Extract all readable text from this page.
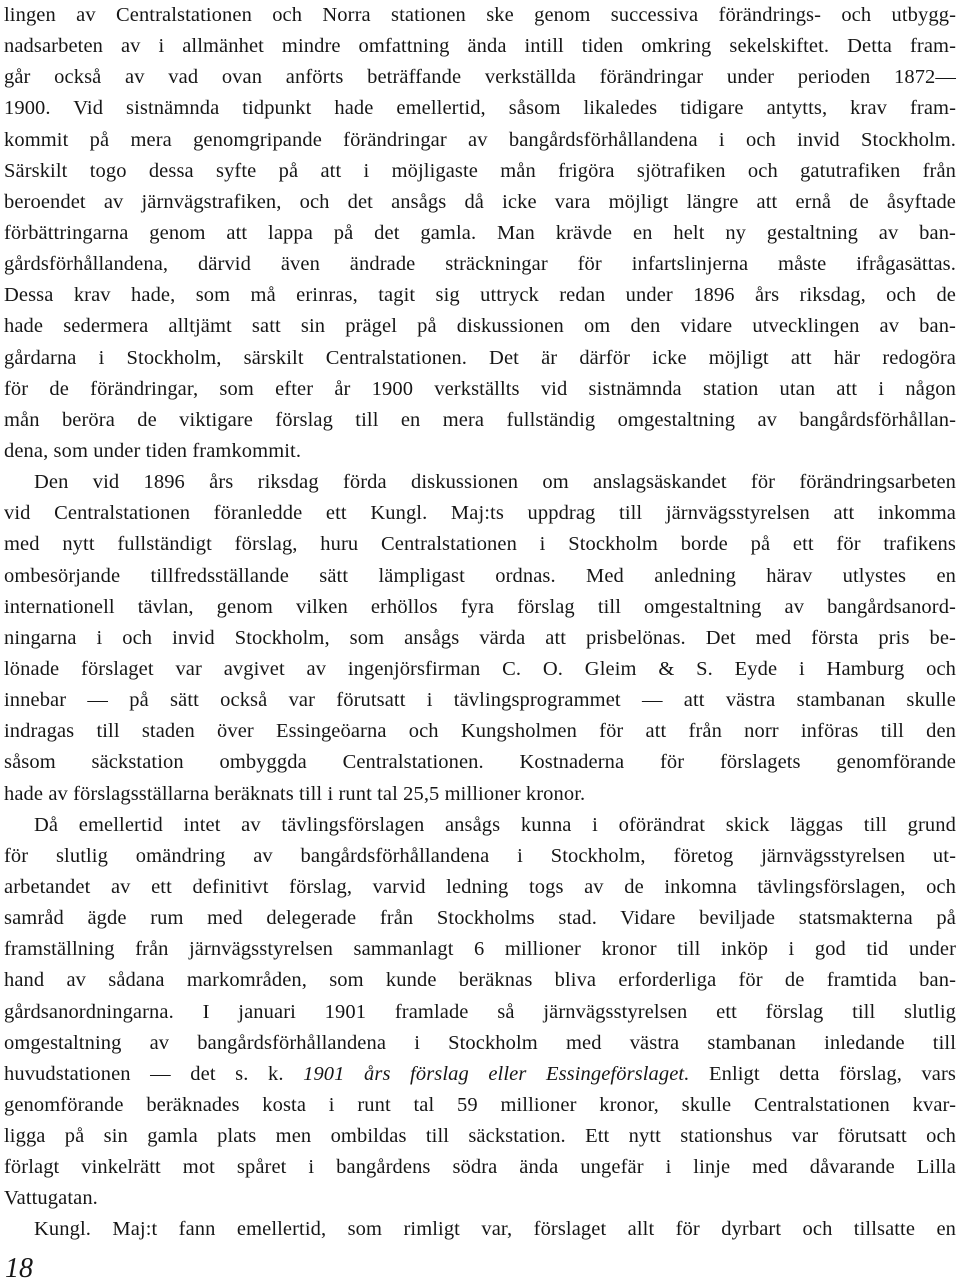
lingen av Centralstationen och Norra stationen ske genom successiva förändrings- och utbygg-
nadsarbeten av i allmänhet mindre omfattning ända intill tiden omkring sekelskiftet. Detta fram-
går också av vad ovan anförts beträffande verkställda förändringar under perioden 1872—
1900. Vid sistnämnda tidpunkt hade emellertid, såsom likaledes tidigare antytts, krav fram-
kommit på mera genomgripande förändringar av bangårdsförhållandena i och invid Stockholm.
Särskilt togo dessa syfte på att i möjligaste mån frigöra sjötrafiken och gatutrafiken från
beroendet av järnvägstrafiken, och det ansågs då icke vara möjligt längre att ernå de åsyftade
förbättringarna genom att lappa på det gamla. Man krävde en helt ny gestaltning av ban-
gårdsförhållandena, därvid även ändrade sträckningar för infartslinjerna måste ifrågasättas.
Dessa krav hade, som må erinras, tagit sig uttryck redan under 1896 års riksdag, och de
hade sedermera alltjämt satt sin prägel på diskussionen om den vidare utvecklingen av ban-
gårdarna i Stockholm, särskilt Centralstationen. Det är därför icke möjligt att här redogöra
för de förändringar, som efter år 1900 verkställts vid sistnämnda station utan att i någon
mån beröra de viktigare förslag till en mera fullständig omgestaltning av bangårdsförhållan-
dena, som under tiden framkommit.
Den vid 1896 års riksdag förda diskussionen om anslagsäskandet för förändringsarbeten
vid Centralstationen föranledde ett Kungl. Maj:ts uppdrag till järnvägsstyrelsen att inkomma
med nytt fullständigt förslag, huru Centralstationen i Stockholm borde på ett för trafikens
ombesörjande tillfredsställande sätt lämpligast ordnas. Med anledning härav utlystes en
internationell tävlan, genom vilken erhöllos fyra förslag till omgestaltning av bangårdsanord-
ningarna i och invid Stockholm, som ansågs värda att prisbelönas. Det med första pris be-
lönade förslaget var avgivet av ingenjörsfirman C. O. Gleim & S. Eyde i Hamburg och
innebar — på sätt också var förutsatt i tävlingsprogrammet — att västra stambanan skulle
indragas till staden över Essingeöarna och Kungsholmen för att från norr införas till den
såsom säckstation ombyggda Centralstationen. Kostnaderna för förslagets genomförande
hade av förslagsställarna beräknats till i runt tal 25,5 millioner kronor.
Då emellertid intet av tävlingsförslagen ansågs kunna i oförändrat skick läggas till grund
för slutlig omändring av bangårdsförhållandena i Stockholm, företog järnvägsstyrelsen ut-
arbetandet av ett definitivt förslag, varvid ledning togs av de inkomna tävlingsförslagen, och
samråd ägde rum med delegerade från Stockholms stad. Vidare beviljade statsmakterna på
framställning från järnvägsstyrelsen sammanlagt 6 millioner kronor till inköp i god tid under
hand av sådana markområden, som kunde beräknas bliva erforderliga för de framtida ban-
gårdsanordningarna. I januari 1901 framlade så järnvägsstyrelsen ett förslag till slutlig
omgestaltning av bangårdsförhållandena i Stockholm med västra stambanan inledande till
huvudstationen — det s. k. 1901 års förslag eller Essingeförslaget. Enligt detta förslag, vars
genomförande beräknades kosta i runt tal 59 millioner kronor, skulle Centralstationen kvar-
ligga på sin gamla plats men ombildas till säckstation. Ett nytt stationshus var förutsatt och
förlagt vinkelrätt mot spåret i bangårdens södra ända ungefär i linje med dåvarande Lilla
Vattugatan.
Kungl. Maj:t fann emellertid, som rimligt var, förslaget allt för dyrbart och tillsatte en
18
